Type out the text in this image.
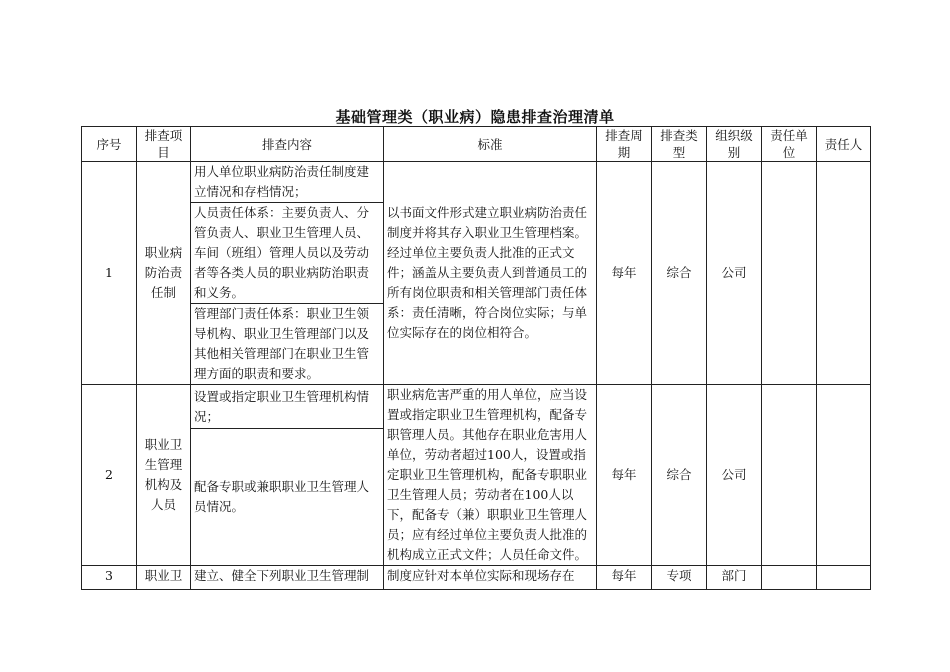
基础管理类（职业病）隐患排查治理清单
序号	排查项目	排查内容	标准	排查周期	排查类型	组织级别	责任单位	责任人
1	职业病防治责任制	用人单位职业病防治责任制度建立情况和存档情况；	以书面文件形式建立职业病防治责任制度并将其存入职业卫生管理档案。经过单位主要负责人批准的正式文件；涵盖从主要负责人到普通员工的所有岗位职责和相关管理部门责任体系：责任清晰，符合岗位实际；与单位实际存在的岗位相符合。	每年	综合	公司		
		人员责任体系：主要负责人、分管负责人、职业卫生管理人员、车间（班组）管理人员以及劳动者等各类人员的职业病防治职责和义务。						
		管理部门责任体系：职业卫生领导机构、职业卫生管理部门以及其他相关管理部门在职业卫生管理方面的职责和要求。						
2	职业卫生管理机构及人员	设置或指定职业卫生管理机构情况；	职业病危害严重的用人单位，应当设置或指定职业卫生管理机构，配备专职管理人员。其他存在职业危害用人单位，劳动者超过100人，设置或指定职业卫生管理机构，配备专职职业卫生管理人员；劳动者在100人以下，配备专（兼）职职业卫生管理人员；应有经过单位主要负责人批准的机构成立正式文件；人员任命文件。	每年	综合	公司		
		配备专职或兼职职业卫生管理人员情况。						
3	职业卫	建立、健全下列职业卫生管理制	制度应针对本单位实际和现场存在	每年	专项	部门		
